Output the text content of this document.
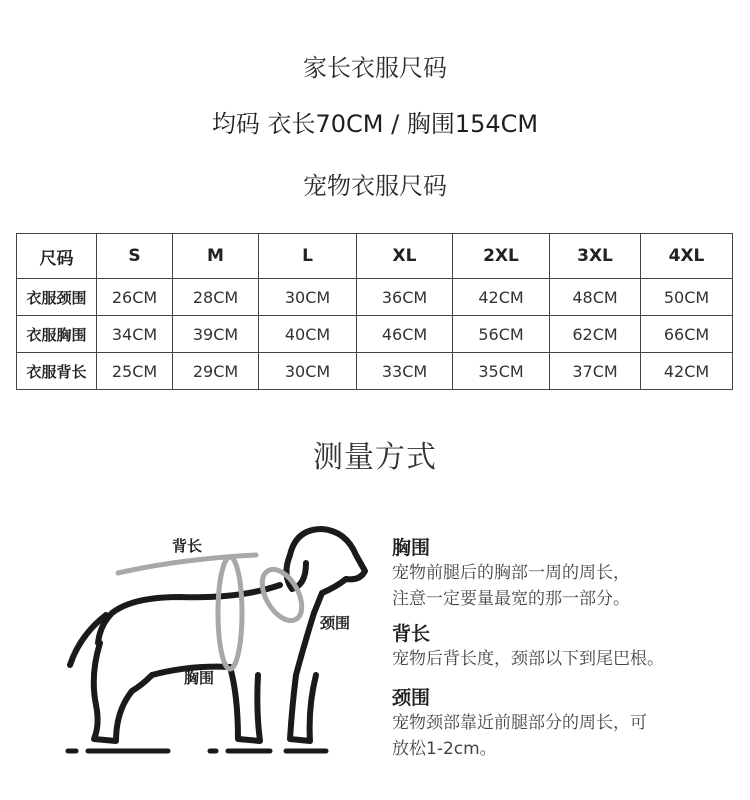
家长衣服尺码
均码 衣长70CM / 胸围154CM
宠物衣服尺码
尺码	S	M	L	XL	2XL	3XL	4XL
衣服颈围	26CM	28CM	30CM	36CM	42CM	48CM	50CM
衣服胸围	34CM	39CM	40CM	46CM	56CM	62CM	66CM
衣服背长	25CM	29CM	30CM	33CM	35CM	37CM	42CM
测量方式
背长
胸围
颈围
胸围
宠物前腿后的胸部一周的周长，
注意一定要量最宽的那一部分。
背长
宠物后背长度，颈部以下到尾巴根。
颈围
宠物颈部靠近前腿部分的周长，可
放松1-2cm。
